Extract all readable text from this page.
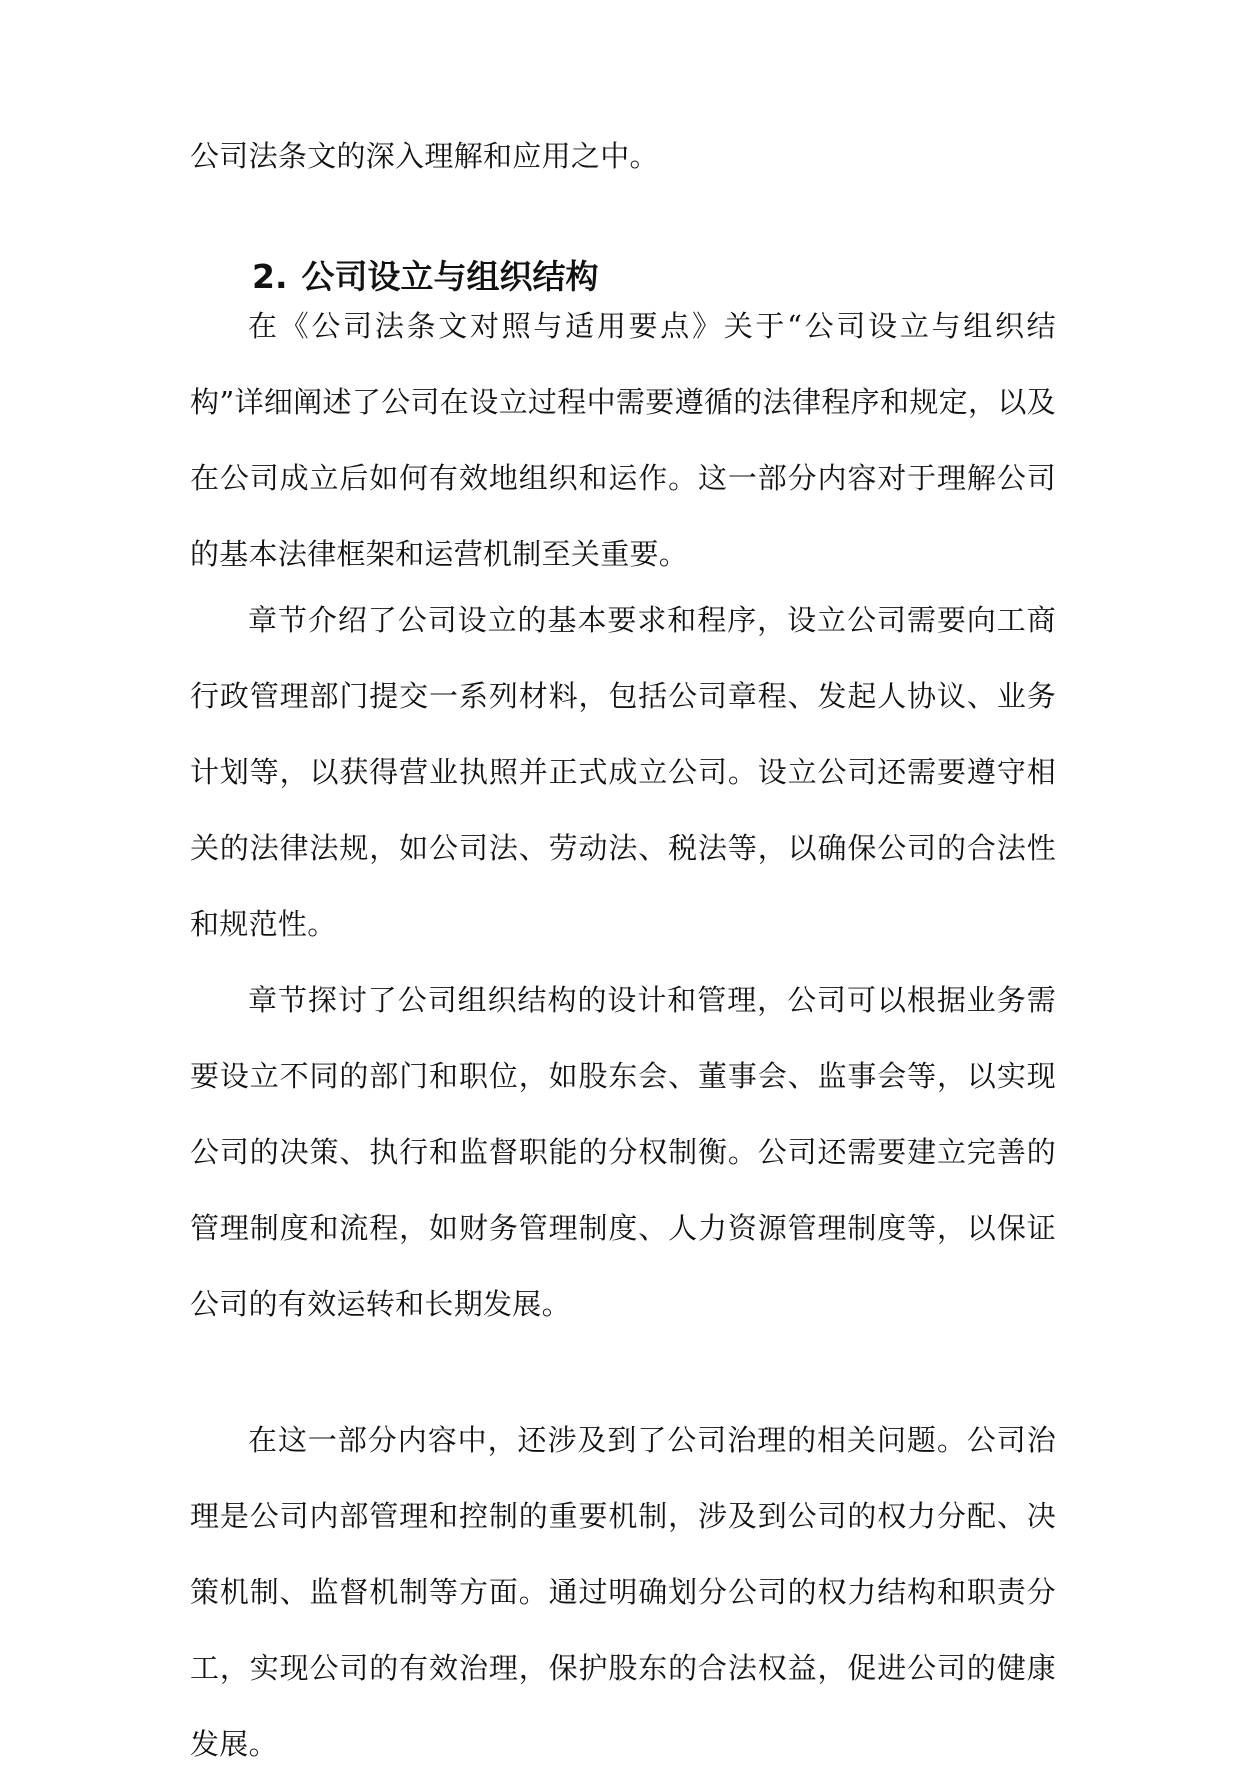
公司法条文的深入理解和应用之中。

2. 公司设立与组织结构

在《公司法条文对照与适用要点》关于“公司设立与组织结构”详细阐述了公司在设立过程中需要遵循的法律程序和规定，以及在公司成立后如何有效地组织和运作。这一部分内容对于理解公司的基本法律框架和运营机制至关重要。

章节介绍了公司设立的基本要求和程序，设立公司需要向工商行政管理部门提交一系列材料，包括公司章程、发起人协议、业务计划等，以获得营业执照并正式成立公司。设立公司还需要遵守相关的法律法规，如公司法、劳动法、税法等，以确保公司的合法性和规范性。

章节探讨了公司组织结构的设计和管理，公司可以根据业务需要设立不同的部门和职位，如股东会、董事会、监事会等，以实现公司的决策、执行和监督职能的分权制衡。公司还需要建立完善的管理制度和流程，如财务管理制度、人力资源管理制度等，以保证公司的有效运转和长期发展。

在这一部分内容中，还涉及到了公司治理的相关问题。公司治理是公司内部管理和控制的重要机制，涉及到公司的权力分配、决策机制、监督机制等方面。通过明确划分公司的权力结构和职责分工，实现公司的有效治理，保护股东的合法权益，促进公司的健康发展。
